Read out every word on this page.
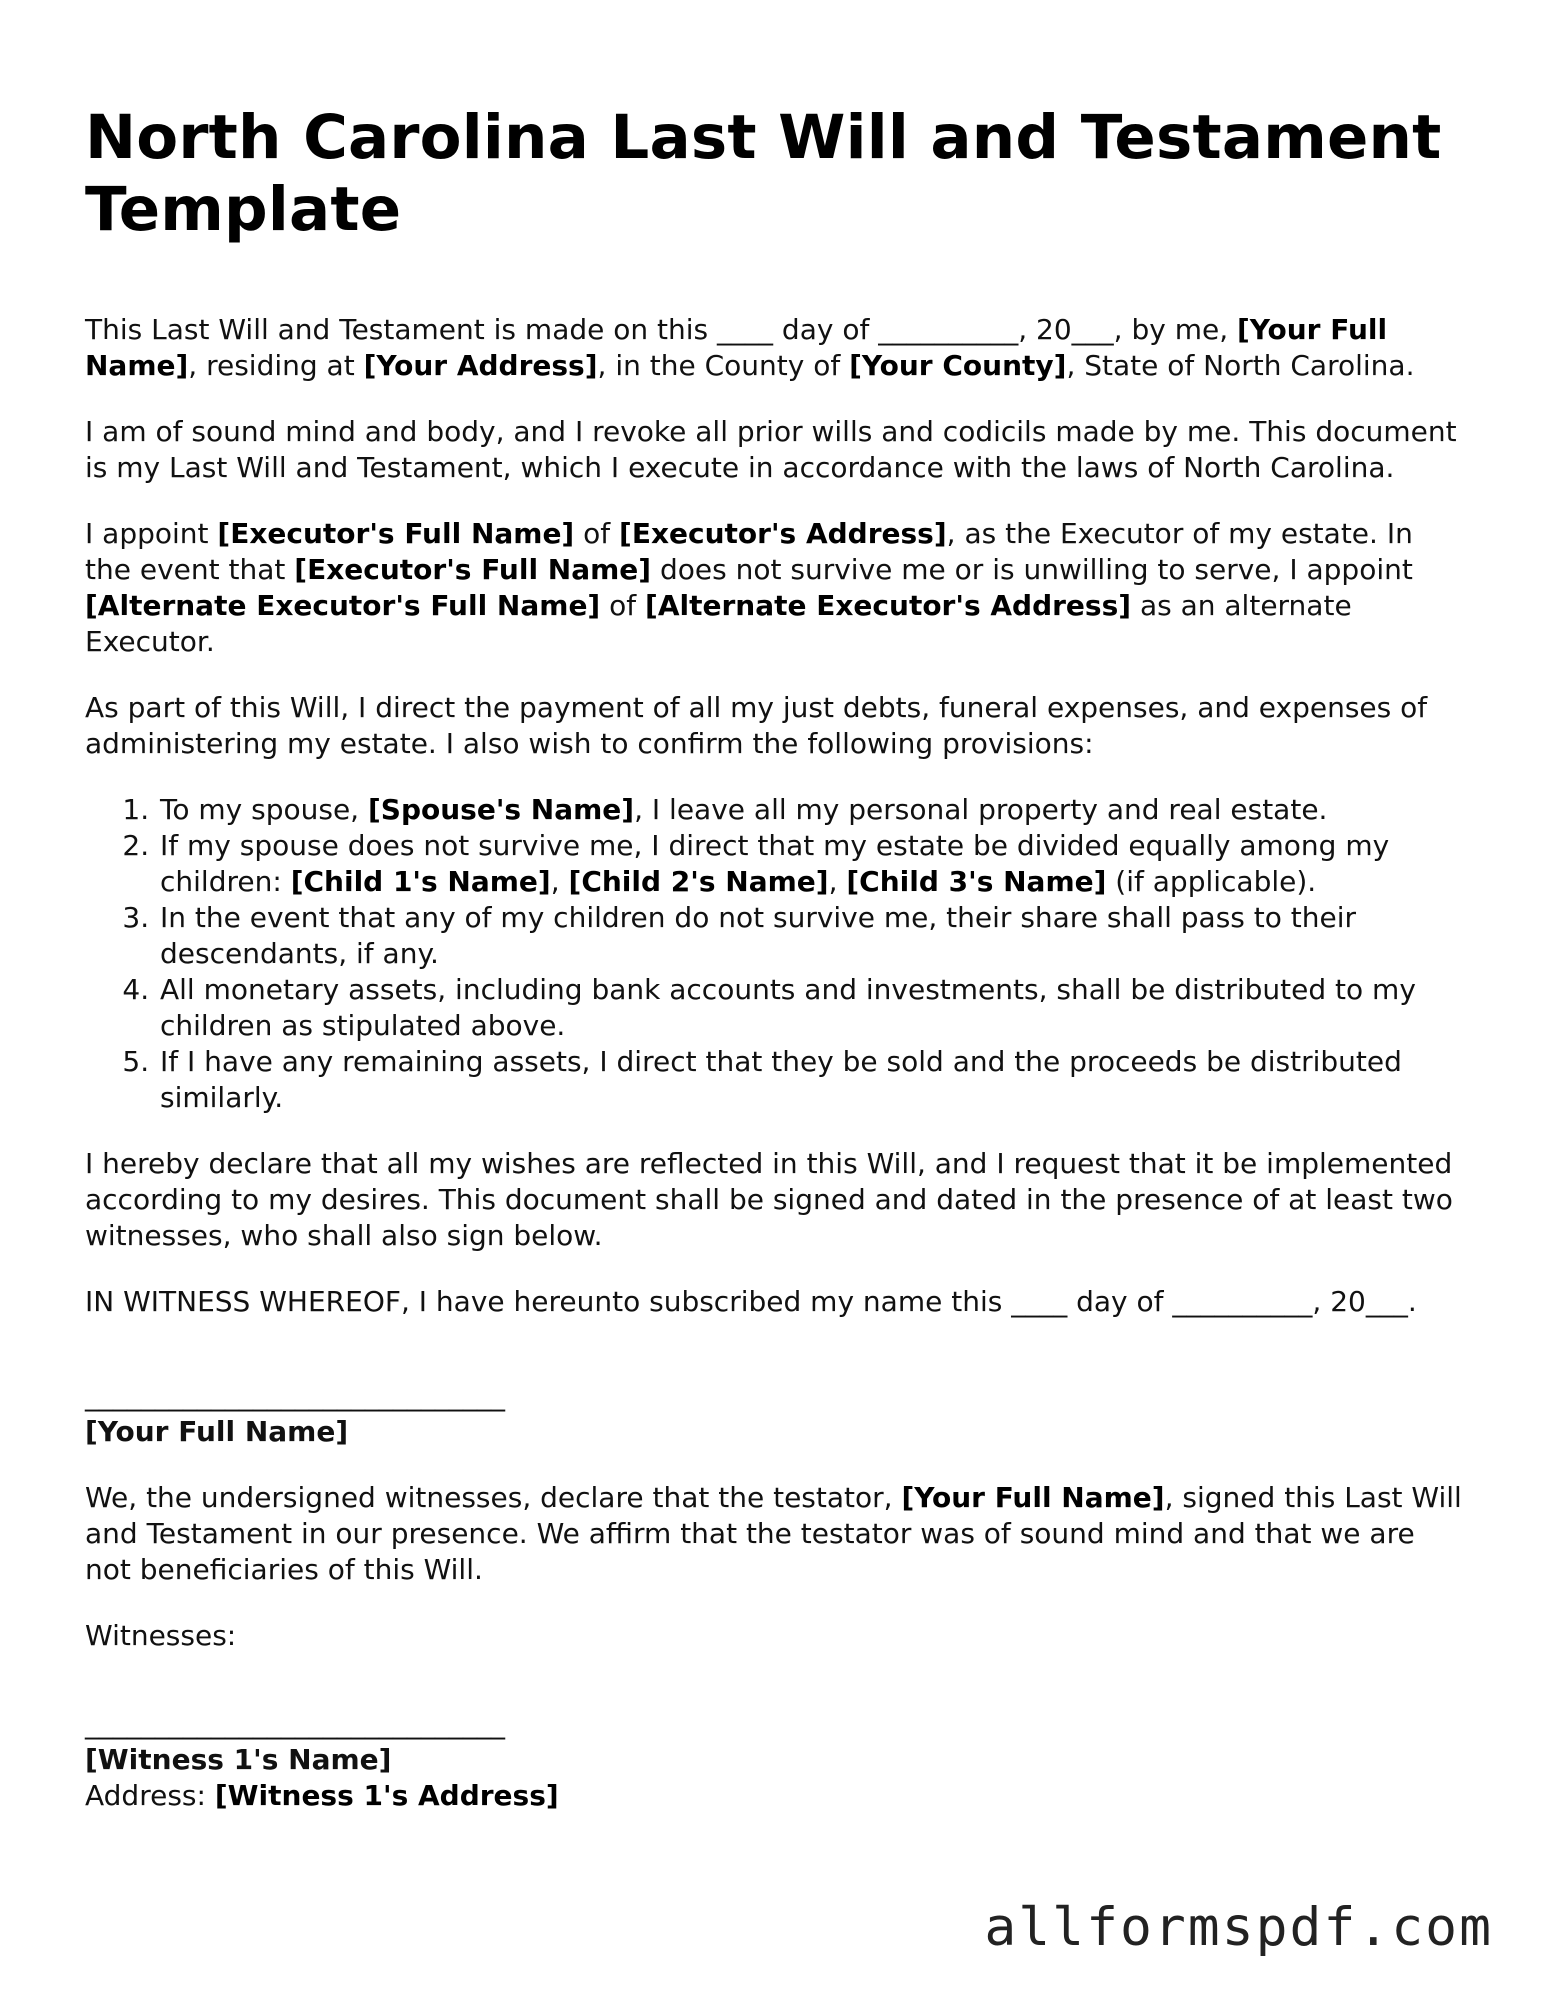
North Carolina Last Will and Testament Template

This Last Will and Testament is made on this ____ day of __________, 20___, by me, [Your Full Name], residing at [Your Address], in the County of [Your County], State of North Carolina.

I am of sound mind and body, and I revoke all prior wills and codicils made by me. This document is my Last Will and Testament, which I execute in accordance with the laws of North Carolina.

I appoint [Executor's Full Name] of [Executor's Address], as the Executor of my estate. In the event that [Executor's Full Name] does not survive me or is unwilling to serve, I appoint [Alternate Executor's Full Name] of [Alternate Executor's Address] as an alternate Executor.

As part of this Will, I direct the payment of all my just debts, funeral expenses, and expenses of administering my estate. I also wish to confirm the following provisions:

1. To my spouse, [Spouse's Name], I leave all my personal property and real estate.
2. If my spouse does not survive me, I direct that my estate be divided equally among my children: [Child 1's Name], [Child 2's Name], [Child 3's Name] (if applicable).
3. In the event that any of my children do not survive me, their share shall pass to their descendants, if any.
4. All monetary assets, including bank accounts and investments, shall be distributed to my children as stipulated above.
5. If I have any remaining assets, I direct that they be sold and the proceeds be distributed similarly.

I hereby declare that all my wishes are reflected in this Will, and I request that it be implemented according to my desires. This document shall be signed and dated in the presence of at least two witnesses, who shall also sign below.

IN WITNESS WHEREOF, I have hereunto subscribed my name this ____ day of __________, 20___.

______________________________
[Your Full Name]

We, the undersigned witnesses, declare that the testator, [Your Full Name], signed this Last Will and Testament in our presence. We affirm that the testator was of sound mind and that we are not beneficiaries of this Will.

Witnesses:

______________________________
[Witness 1's Name]

Address: [Witness 1's Address]

allformspdf.com
